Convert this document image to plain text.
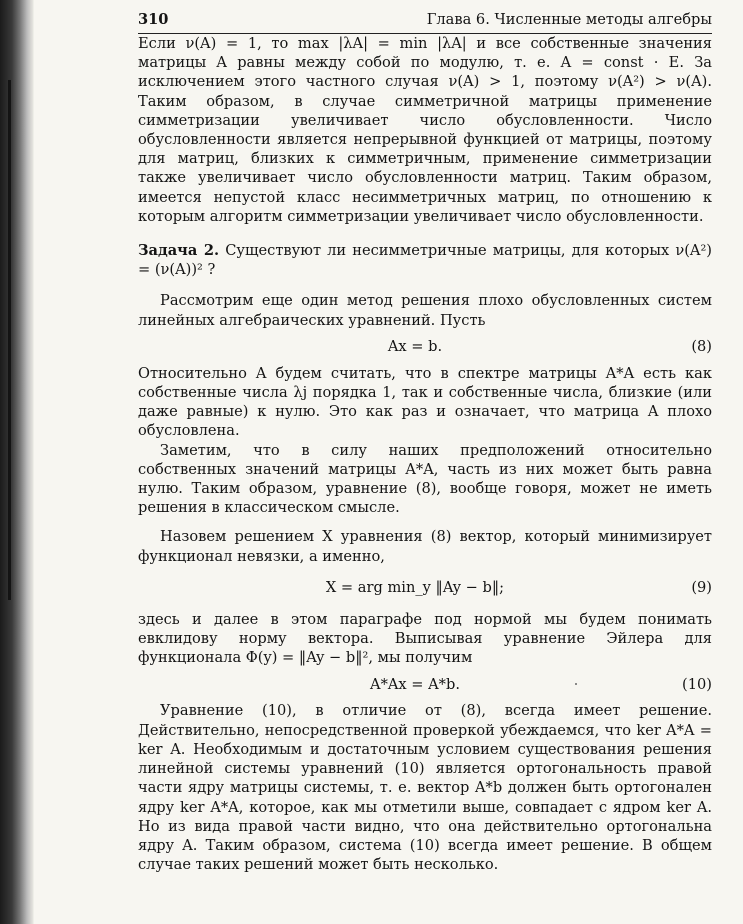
310	Глава 6. Численные методы алгебры

Если ν(A) = 1, то max |λA| = min |λA| и все собственные значения матрицы A равны между собой по модулю, т. е. A = const · E. За исключением этого частного случая ν(A) > 1, поэтому ν(A²) > ν(A). Таким образом, в случае симметричной матрицы применение симметризации увеличивает число обусловленности. Число обусловленности является непрерывной функцией от матрицы, поэтому для матриц, близких к симметричным, применение симметризации также увеличивает число обусловленности матриц. Таким образом, имеется непустой класс несимметричных матриц, по отношению к которым алгоритм симметризации увеличивает число обусловленности.

Задача 2. Существуют ли несимметричные матрицы, для которых ν(A²) = (ν(A))² ?

Рассмотрим еще один метод решения плохо обусловленных систем линейных алгебраических уравнений. Пусть

Ax = b.	(8)

Относительно A будем считать, что в спектре матрицы A*A есть как собственные числа λj порядка 1, так и собственные числа, близкие (или даже равные) к нулю. Это как раз и означает, что матрица A плохо обусловлена.

Заметим, что в силу наших предположений относительно собственных значений матрицы A*A, часть из них может быть равна нулю. Таким образом, уравнение (8), вообще говоря, может не иметь решения в классическом смысле.

Назовем решением X уравнения (8) вектор, который минимизирует функционал невязки, а именно,

X = arg min_y ‖Ay − b‖;	(9)

здесь и далее в этом параграфе под нормой мы будем понимать евклидову норму вектора. Выписывая уравнение Эйлера для функционала Φ(y) = ‖Ay − b‖², мы получим

A*Ax = A*b.	(10)

Уравнение (10), в отличие от (8), всегда имеет решение. Действительно, непосредственной проверкой убеждаемся, что ker A*A = ker A. Необходимым и достаточным условием существования решения линейной системы уравнений (10) является ортогональность правой части ядру матрицы системы, т. е. вектор A*b должен быть ортогонален ядру ker A*A, которое, как мы отметили выше, совпадает с ядром ker A. Но из вида правой части видно, что она действительно ортогональна ядру A. Таким образом, система (10) всегда имеет решение. В общем случае таких решений может быть несколько.
